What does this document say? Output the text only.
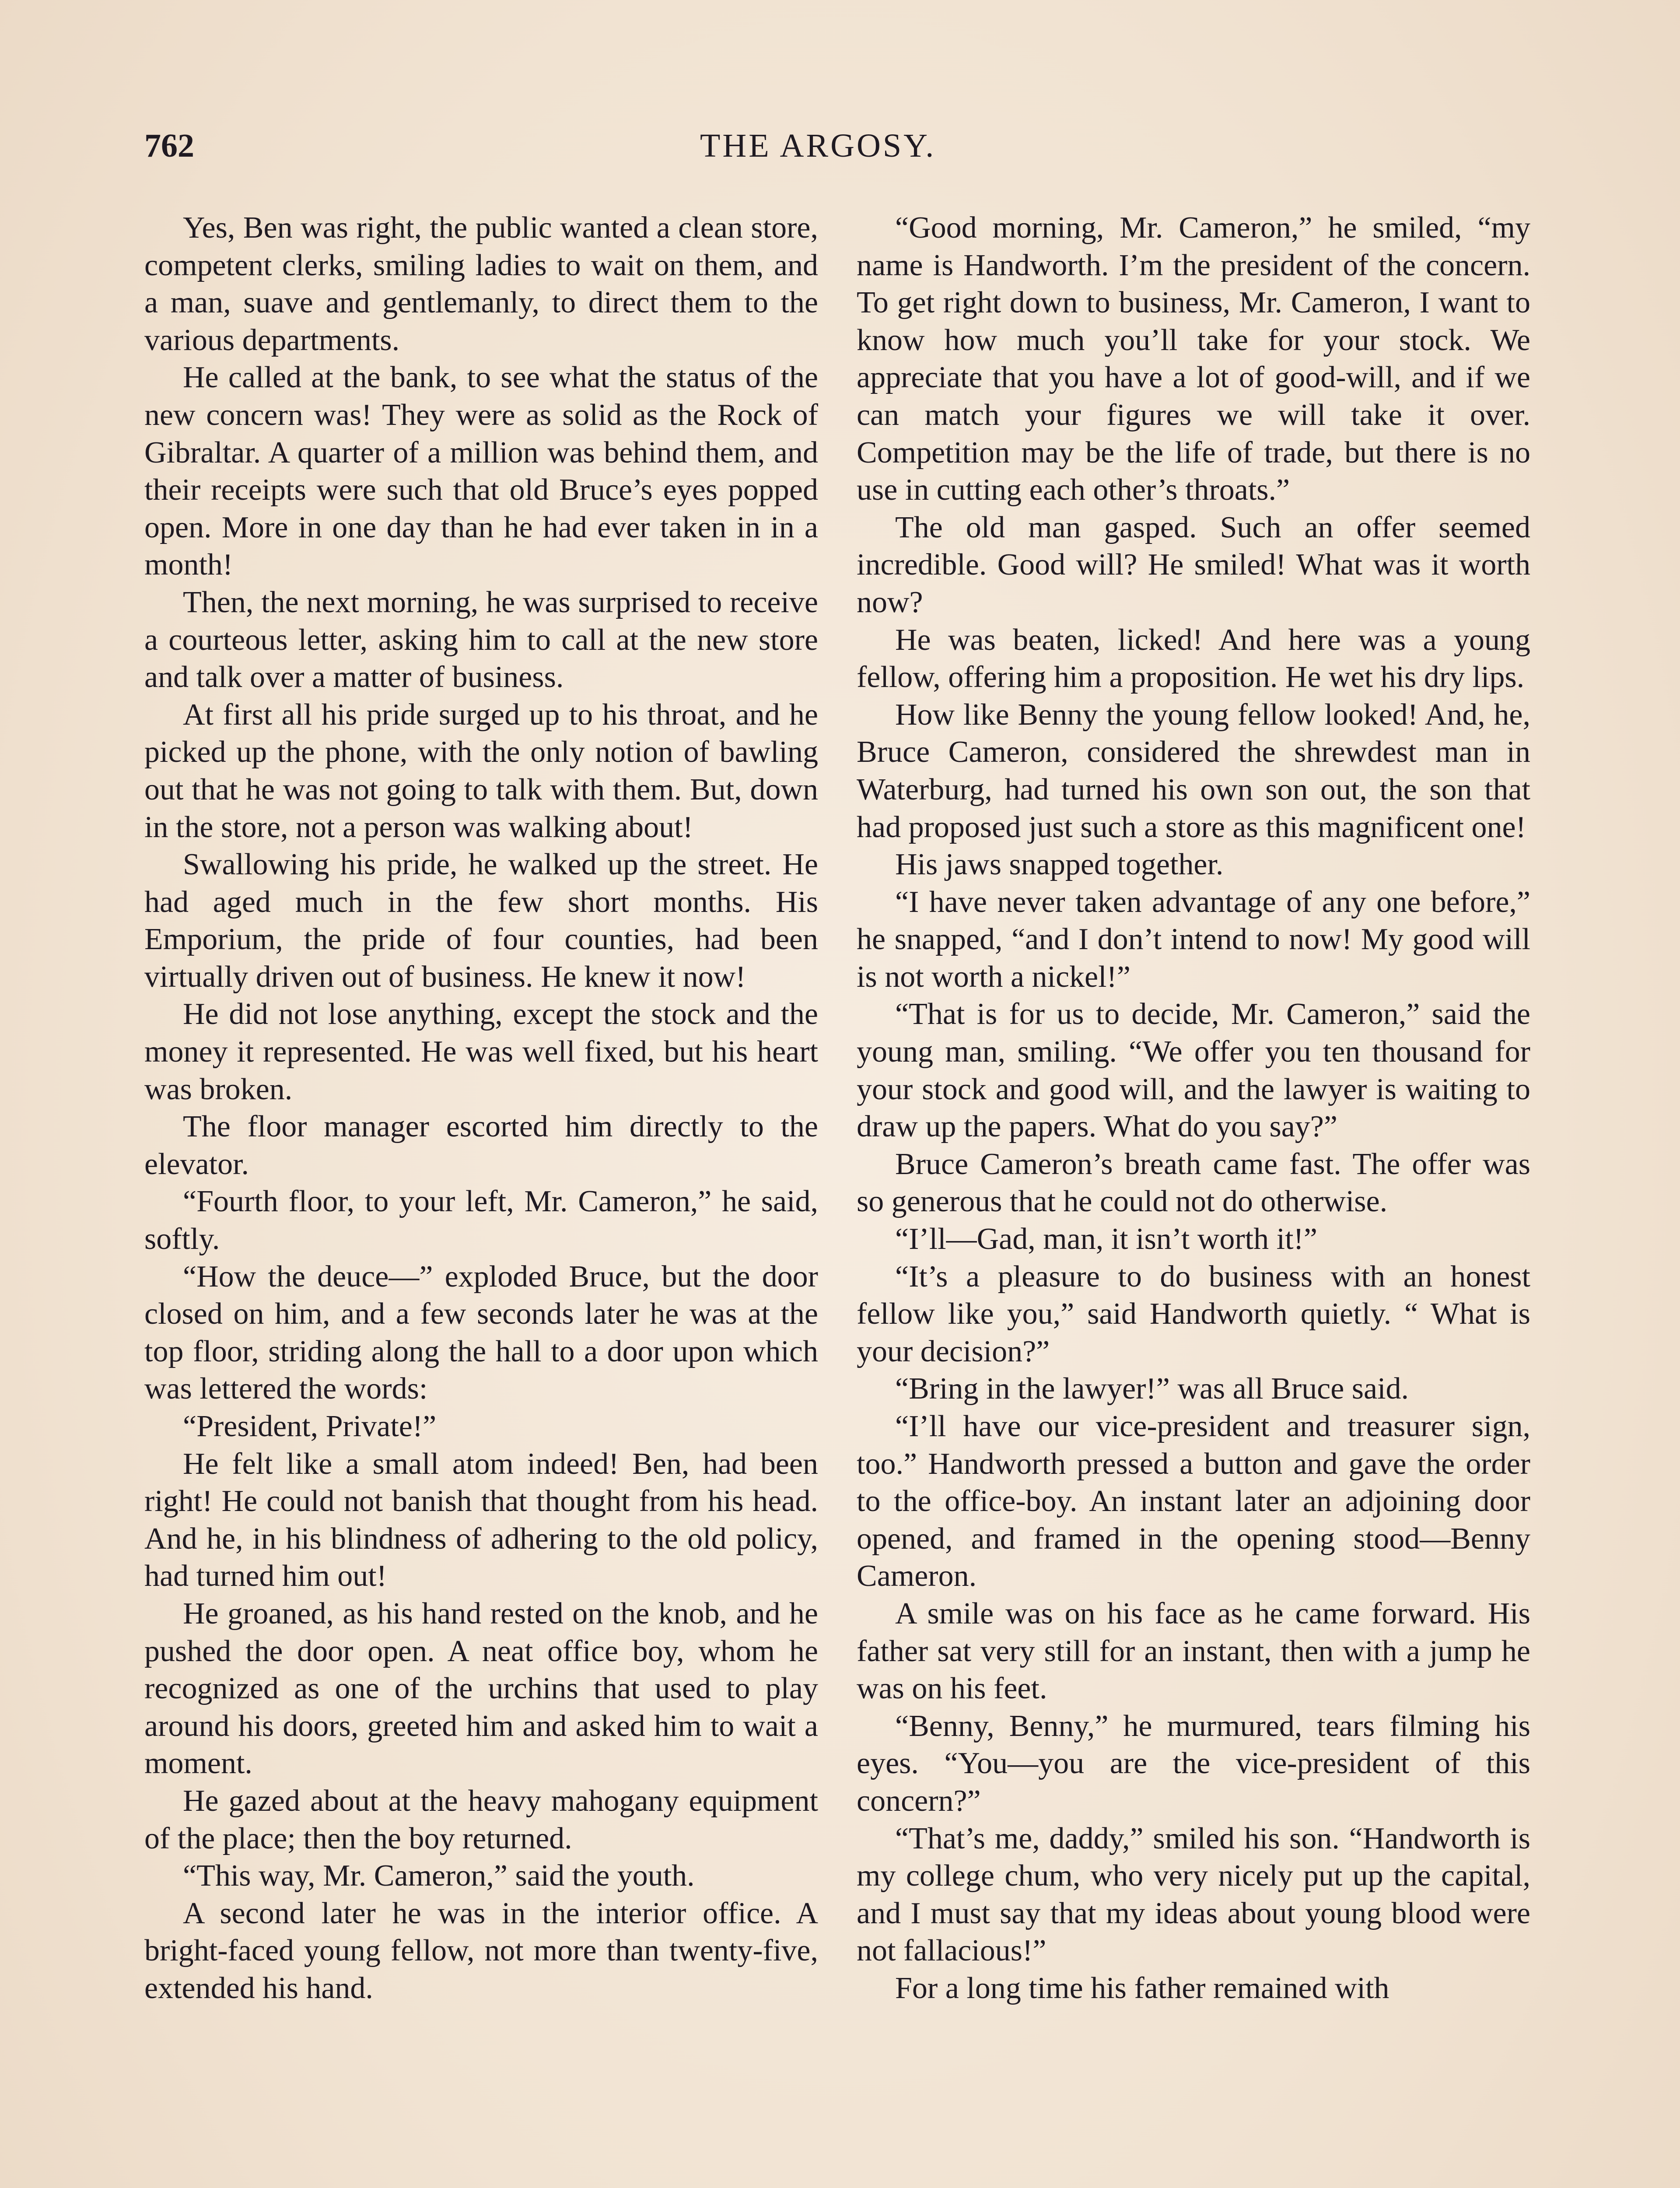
762	THE ARGOSY.

Yes, Ben was right, the public wanted a clean store, competent clerks, smiling ladies to wait on them, and a man, suave and gentlemanly, to direct them to the various departments.

He called at the bank, to see what the status of the new concern was! They were as solid as the Rock of Gibraltar. A quarter of a million was behind them, and their receipts were such that old Bruce’s eyes popped open. More in one day than he had ever taken in in a month!

Then, the next morning, he was surprised to receive a courteous letter, asking him to call at the new store and talk over a matter of business.

At first all his pride surged up to his throat, and he picked up the phone, with the only notion of bawling out that he was not going to talk with them. But, down in the store, not a person was walking about!

Swallowing his pride, he walked up the street. He had aged much in the few short months. His Emporium, the pride of four counties, had been virtually driven out of business. He knew it now!

He did not lose anything, except the stock and the money it represented. He was well fixed, but his heart was broken.

The floor manager escorted him directly to the elevator.

“Fourth floor, to your left, Mr. Cameron,” he said, softly.

“How the deuce—” exploded Bruce, but the door closed on him, and a few seconds later he was at the top floor, striding along the hall to a door upon which was lettered the words:

“President, Private!”

He felt like a small atom indeed! Ben, had been right! He could not banish that thought from his head. And he, in his blindness of adhering to the old policy, had turned him out!

He groaned, as his hand rested on the knob, and he pushed the door open. A neat office boy, whom he recognized as one of the urchins that used to play around his doors, greeted him and asked him to wait a moment.

He gazed about at the heavy mahogany equipment of the place; then the boy returned.

“This way, Mr. Cameron,” said the youth.

A second later he was in the interior office. A bright-faced young fellow, not more than twenty-five, extended his hand.

“Good morning, Mr. Cameron,” he smiled, “my name is Handworth. I’m the president of the concern. To get right down to business, Mr. Cameron, I want to know how much you’ll take for your stock. We appreciate that you have a lot of good-will, and if we can match your figures we will take it over. Competition may be the life of trade, but there is no use in cutting each other’s throats.”

The old man gasped. Such an offer seemed incredible. Good will? He smiled! What was it worth now?

He was beaten, licked! And here was a young fellow, offering him a proposition. He wet his dry lips.

How like Benny the young fellow looked! And, he, Bruce Cameron, considered the shrewdest man in Waterburg, had turned his own son out, the son that had proposed just such a store as this magnificent one!

His jaws snapped together.

“I have never taken advantage of any one before,” he snapped, “and I don’t intend to now! My good will is not worth a nickel!”

“That is for us to decide, Mr. Cameron,” said the young man, smiling. “We offer you ten thousand for your stock and good will, and the lawyer is waiting to draw up the papers. What do you say?”

Bruce Cameron’s breath came fast. The offer was so generous that he could not do otherwise.

“I’ll—Gad, man, it isn’t worth it!”

“It’s a pleasure to do business with an honest fellow like you,” said Handworth quietly. “ What is your decision?”

“Bring in the lawyer!” was all Bruce said.

“I’ll have our vice-president and treasurer sign, too.” Handworth pressed a button and gave the order to the office-boy. An instant later an adjoining door opened, and framed in the opening stood—Benny Cameron.

A smile was on his face as he came forward. His father sat very still for an instant, then with a jump he was on his feet.

“Benny, Benny,” he murmured, tears filming his eyes. “You—you are the vice-president of this concern?”

“That’s me, daddy,” smiled his son. “Handworth is my college chum, who very nicely put up the capital, and I must say that my ideas about young blood were not fallacious!”

For a long time his father remained with
